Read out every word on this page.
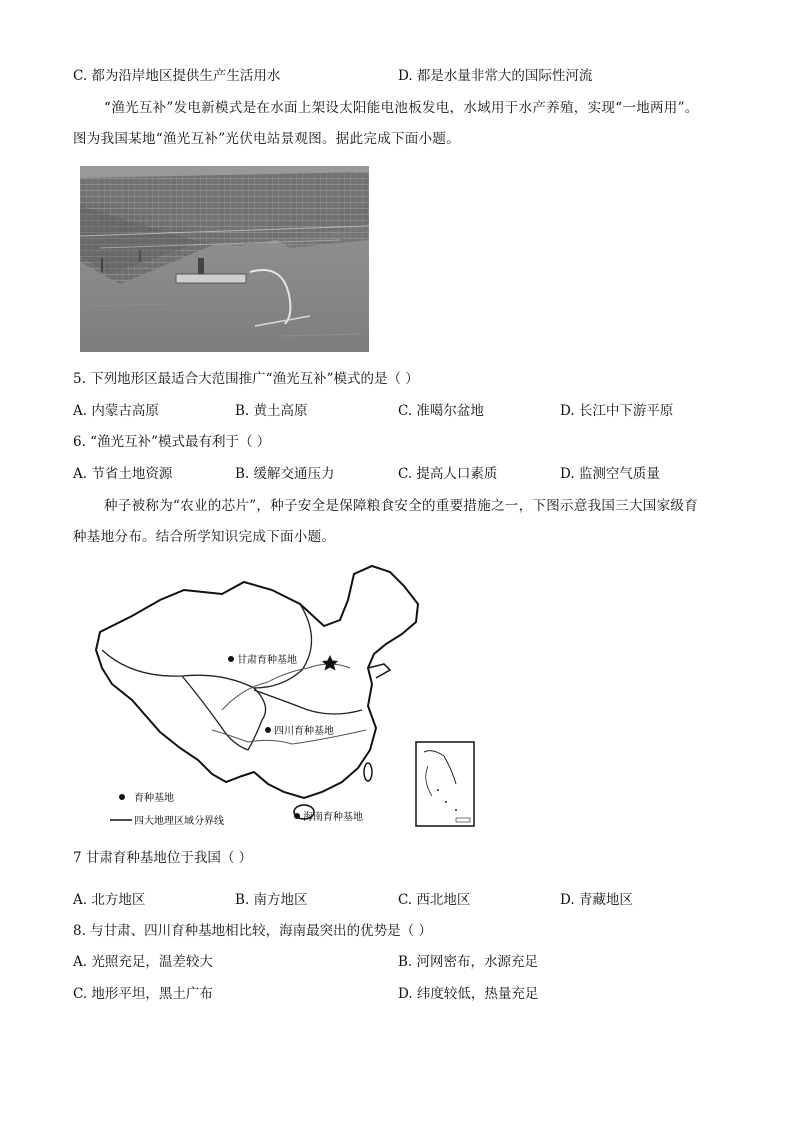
C. 都为沿岸地区提供生产生活用水	D. 都是水量非常大的国际性河流
“渔光互补”发电新模式是在水面上架设太阳能电池板发电，水域用于水产养殖，实现“一地两用”。
图为我国某地“渔光互补”光伏电站景观图。据此完成下面小题。
5. 下列地形区最适合大范围推广“渔光互补”模式的是（ ）
A. 内蒙古高原	B. 黄土高原	C. 准噶尔盆地	D. 长江中下游平原
6. “渔光互补”模式最有利于（ ）
A. 节省土地资源	B. 缓解交通压力	C. 提高人口素质	D. 监测空气质量
种子被称为“农业的芯片”，种子安全是保障粮食安全的重要措施之一，下图示意我国三大国家级育
种基地分布。结合所学知识完成下面小题。
甘肃育种基地
四川育种基地
海南育种基地
育种基地
四大地理区域分界线
7 甘肃育种基地位于我国（ ）
A. 北方地区	B. 南方地区	C. 西北地区	D. 青藏地区
8. 与甘肃、四川育种基地相比较，海南最突出的优势是（ ）
A. 光照充足，温差较大	B. 河网密布，水源充足
C. 地形平坦，黑土广布	D. 纬度较低，热量充足
